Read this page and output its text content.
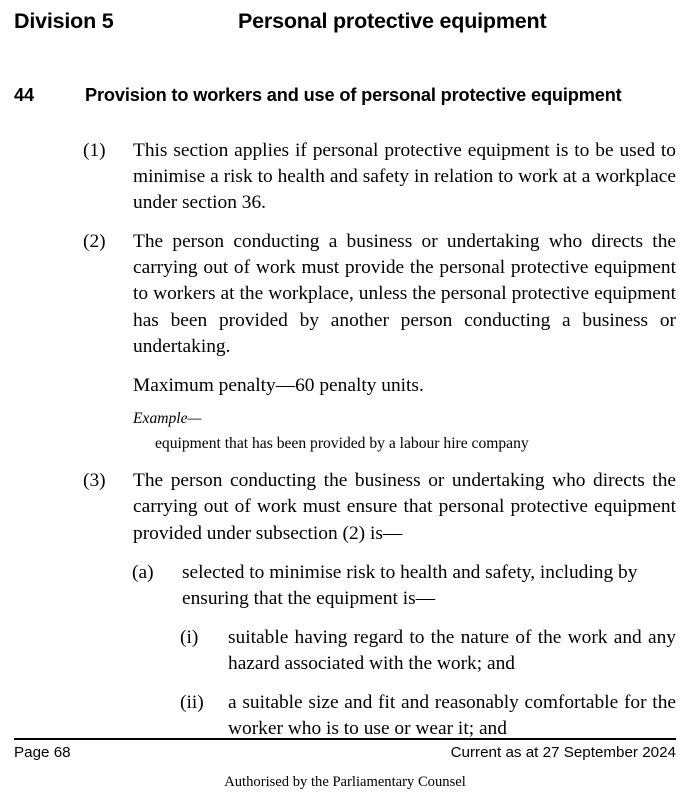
Division 5	Personal protective equipment
44	Provision to workers and use of personal protective equipment
(1)	This section applies if personal protective equipment is to be used to minimise a risk to health and safety in relation to work at a workplace under section 36.
(2)	The person conducting a business or undertaking who directs the carrying out of work must provide the personal protective equipment to workers at the workplace, unless the personal protective equipment has been provided by another person conducting a business or undertaking.
Maximum penalty—60 penalty units.
Example—
equipment that has been provided by a labour hire company
(3)	The person conducting the business or undertaking who directs the carrying out of work must ensure that personal protective equipment provided under subsection (2) is—
(a)	selected to minimise risk to health and safety, including by ensuring that the equipment is—
(i)	suitable having regard to the nature of the work and any hazard associated with the work; and
(ii)	a suitable size and fit and reasonably comfortable for the worker who is to use or wear it; and
Page 68	Current as at 27 September 2024
Authorised by the Parliamentary Counsel
